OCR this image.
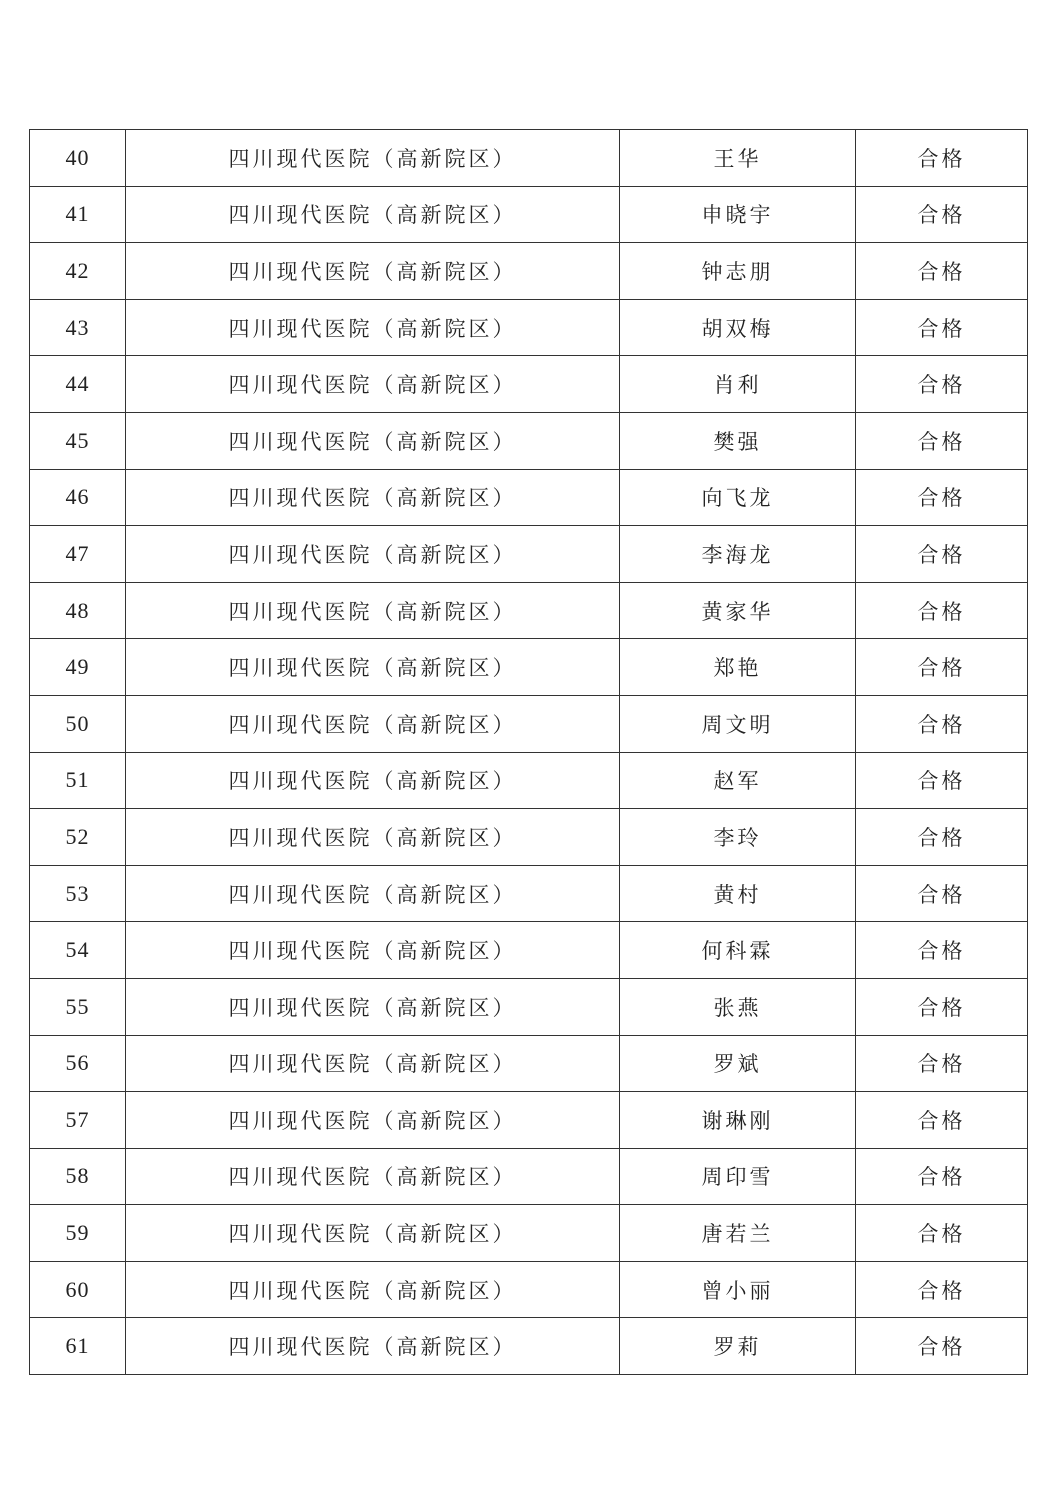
40	四川现代医院（高新院区）	王华	合格
41	四川现代医院（高新院区）	申晓宇	合格
42	四川现代医院（高新院区）	钟志朋	合格
43	四川现代医院（高新院区）	胡双梅	合格
44	四川现代医院（高新院区）	肖利	合格
45	四川现代医院（高新院区）	樊强	合格
46	四川现代医院（高新院区）	向飞龙	合格
47	四川现代医院（高新院区）	李海龙	合格
48	四川现代医院（高新院区）	黄家华	合格
49	四川现代医院（高新院区）	郑艳	合格
50	四川现代医院（高新院区）	周文明	合格
51	四川现代医院（高新院区）	赵军	合格
52	四川现代医院（高新院区）	李玲	合格
53	四川现代医院（高新院区）	黄村	合格
54	四川现代医院（高新院区）	何科霖	合格
55	四川现代医院（高新院区）	张燕	合格
56	四川现代医院（高新院区）	罗斌	合格
57	四川现代医院（高新院区）	谢琳刚	合格
58	四川现代医院（高新院区）	周印雪	合格
59	四川现代医院（高新院区）	唐若兰	合格
60	四川现代医院（高新院区）	曾小丽	合格
61	四川现代医院（高新院区）	罗莉	合格
